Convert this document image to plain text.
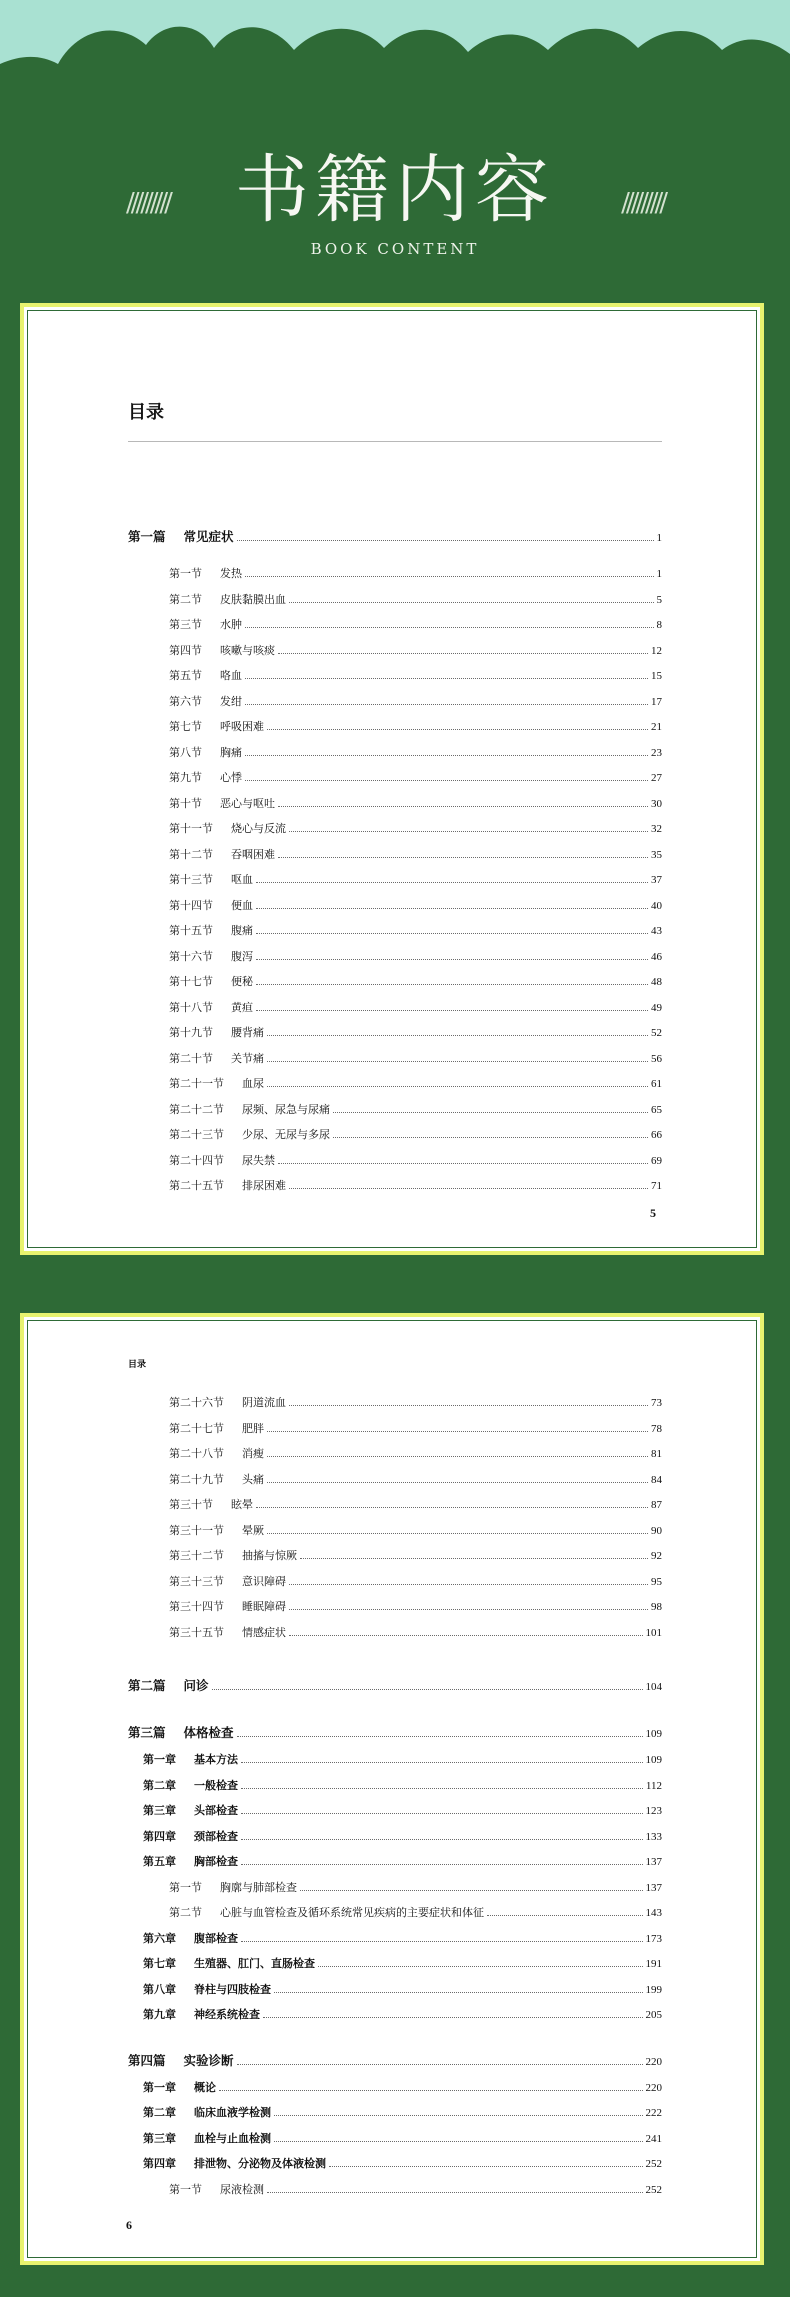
///////// 书籍内容	/////////
BOOK CONTENT
目录
第一篇 常见症状	1
第一节 发热	1
第二节 皮肤黏膜出血	5
第三节 水肿	8
第四节 咳嗽与咳痰	12
第五节 咯血	15
第六节 发绀	17
第七节 呼吸困难	21
第八节 胸痛	23
第九节 心悸	27
第十节 恶心与呕吐	30
第十一节 烧心与反流	32
第十二节 吞咽困难	35
第十三节 呕血	37
第十四节 便血	40
第十五节 腹痛	43
第十六节 腹泻	46
第十七节 便秘	48
第十八节 黄疸	49
第十九节 腰背痛	52
第二十节 关节痛	56
第二十一节 血尿	61
第二十二节 尿频、尿急与尿痛	65
第二十三节 少尿、无尿与多尿	66
第二十四节 尿失禁	69
第二十五节 排尿困难	71
5
目录
第二十六节 阴道流血	73
第二十七节 肥胖	78
第二十八节 消瘦	81
第二十九节 头痛	84
第三十节 眩晕	87
第三十一节 晕厥	90
第三十二节 抽搐与惊厥	92
第三十三节 意识障碍	95
第三十四节 睡眠障碍	98
第三十五节 情感症状	101
第二篇 问诊	104
第三篇 体格检查	109
第一章 基本方法	109
第二章 一般检查	112
第三章 头部检查	123
第四章 颈部检查	133
第五章 胸部检查	137
第一节 胸廓与肺部检查	137
第二节 心脏与血管检查及循环系统常见疾病的主要症状和体征	143
第六章 腹部检查	173
第七章 生殖器、肛门、直肠检查	191
第八章 脊柱与四肢检查	199
第九章 神经系统检查	205
第四篇 实验诊断	220
第一章 概论	220
第二章 临床血液学检测	222
第三章 血栓与止血检测	241
第四章 排泄物、分泌物及体液检测	252
第一节 尿液检测	252
6
